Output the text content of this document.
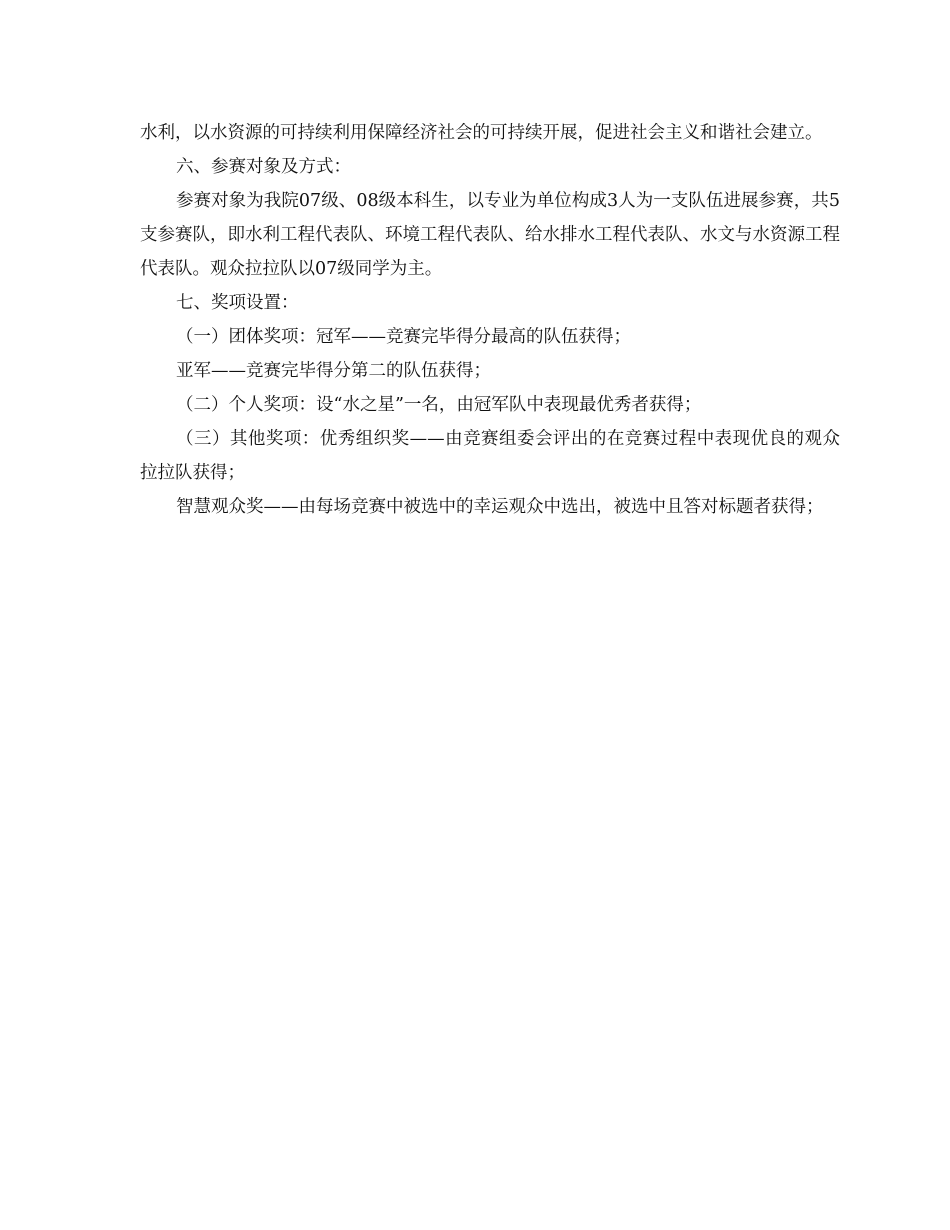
水利，以水资源的可持续利用保障经济社会的可持续开展，促进社会主义和谐社会建立。

六、参赛对象及方式：

参赛对象为我院07级、08级本科生，以专业为单位构成3人为一支队伍进展参赛，共5支参赛队，即水利工程代表队、环境工程代表队、给水排水工程代表队、水文与水资源工程代表队。观众拉拉队以07级同学为主。

七、奖项设置：

（一）团体奖项：冠军——竞赛完毕得分最高的队伍获得；

亚军——竞赛完毕得分第二的队伍获得；

（二）个人奖项：设“水之星”一名，由冠军队中表现最优秀者获得；

（三）其他奖项：优秀组织奖——由竞赛组委会评出的在竞赛过程中表现优良的观众拉拉队获得；

智慧观众奖——由每场竞赛中被选中的幸运观众中选出，被选中且答对标题者获得；
